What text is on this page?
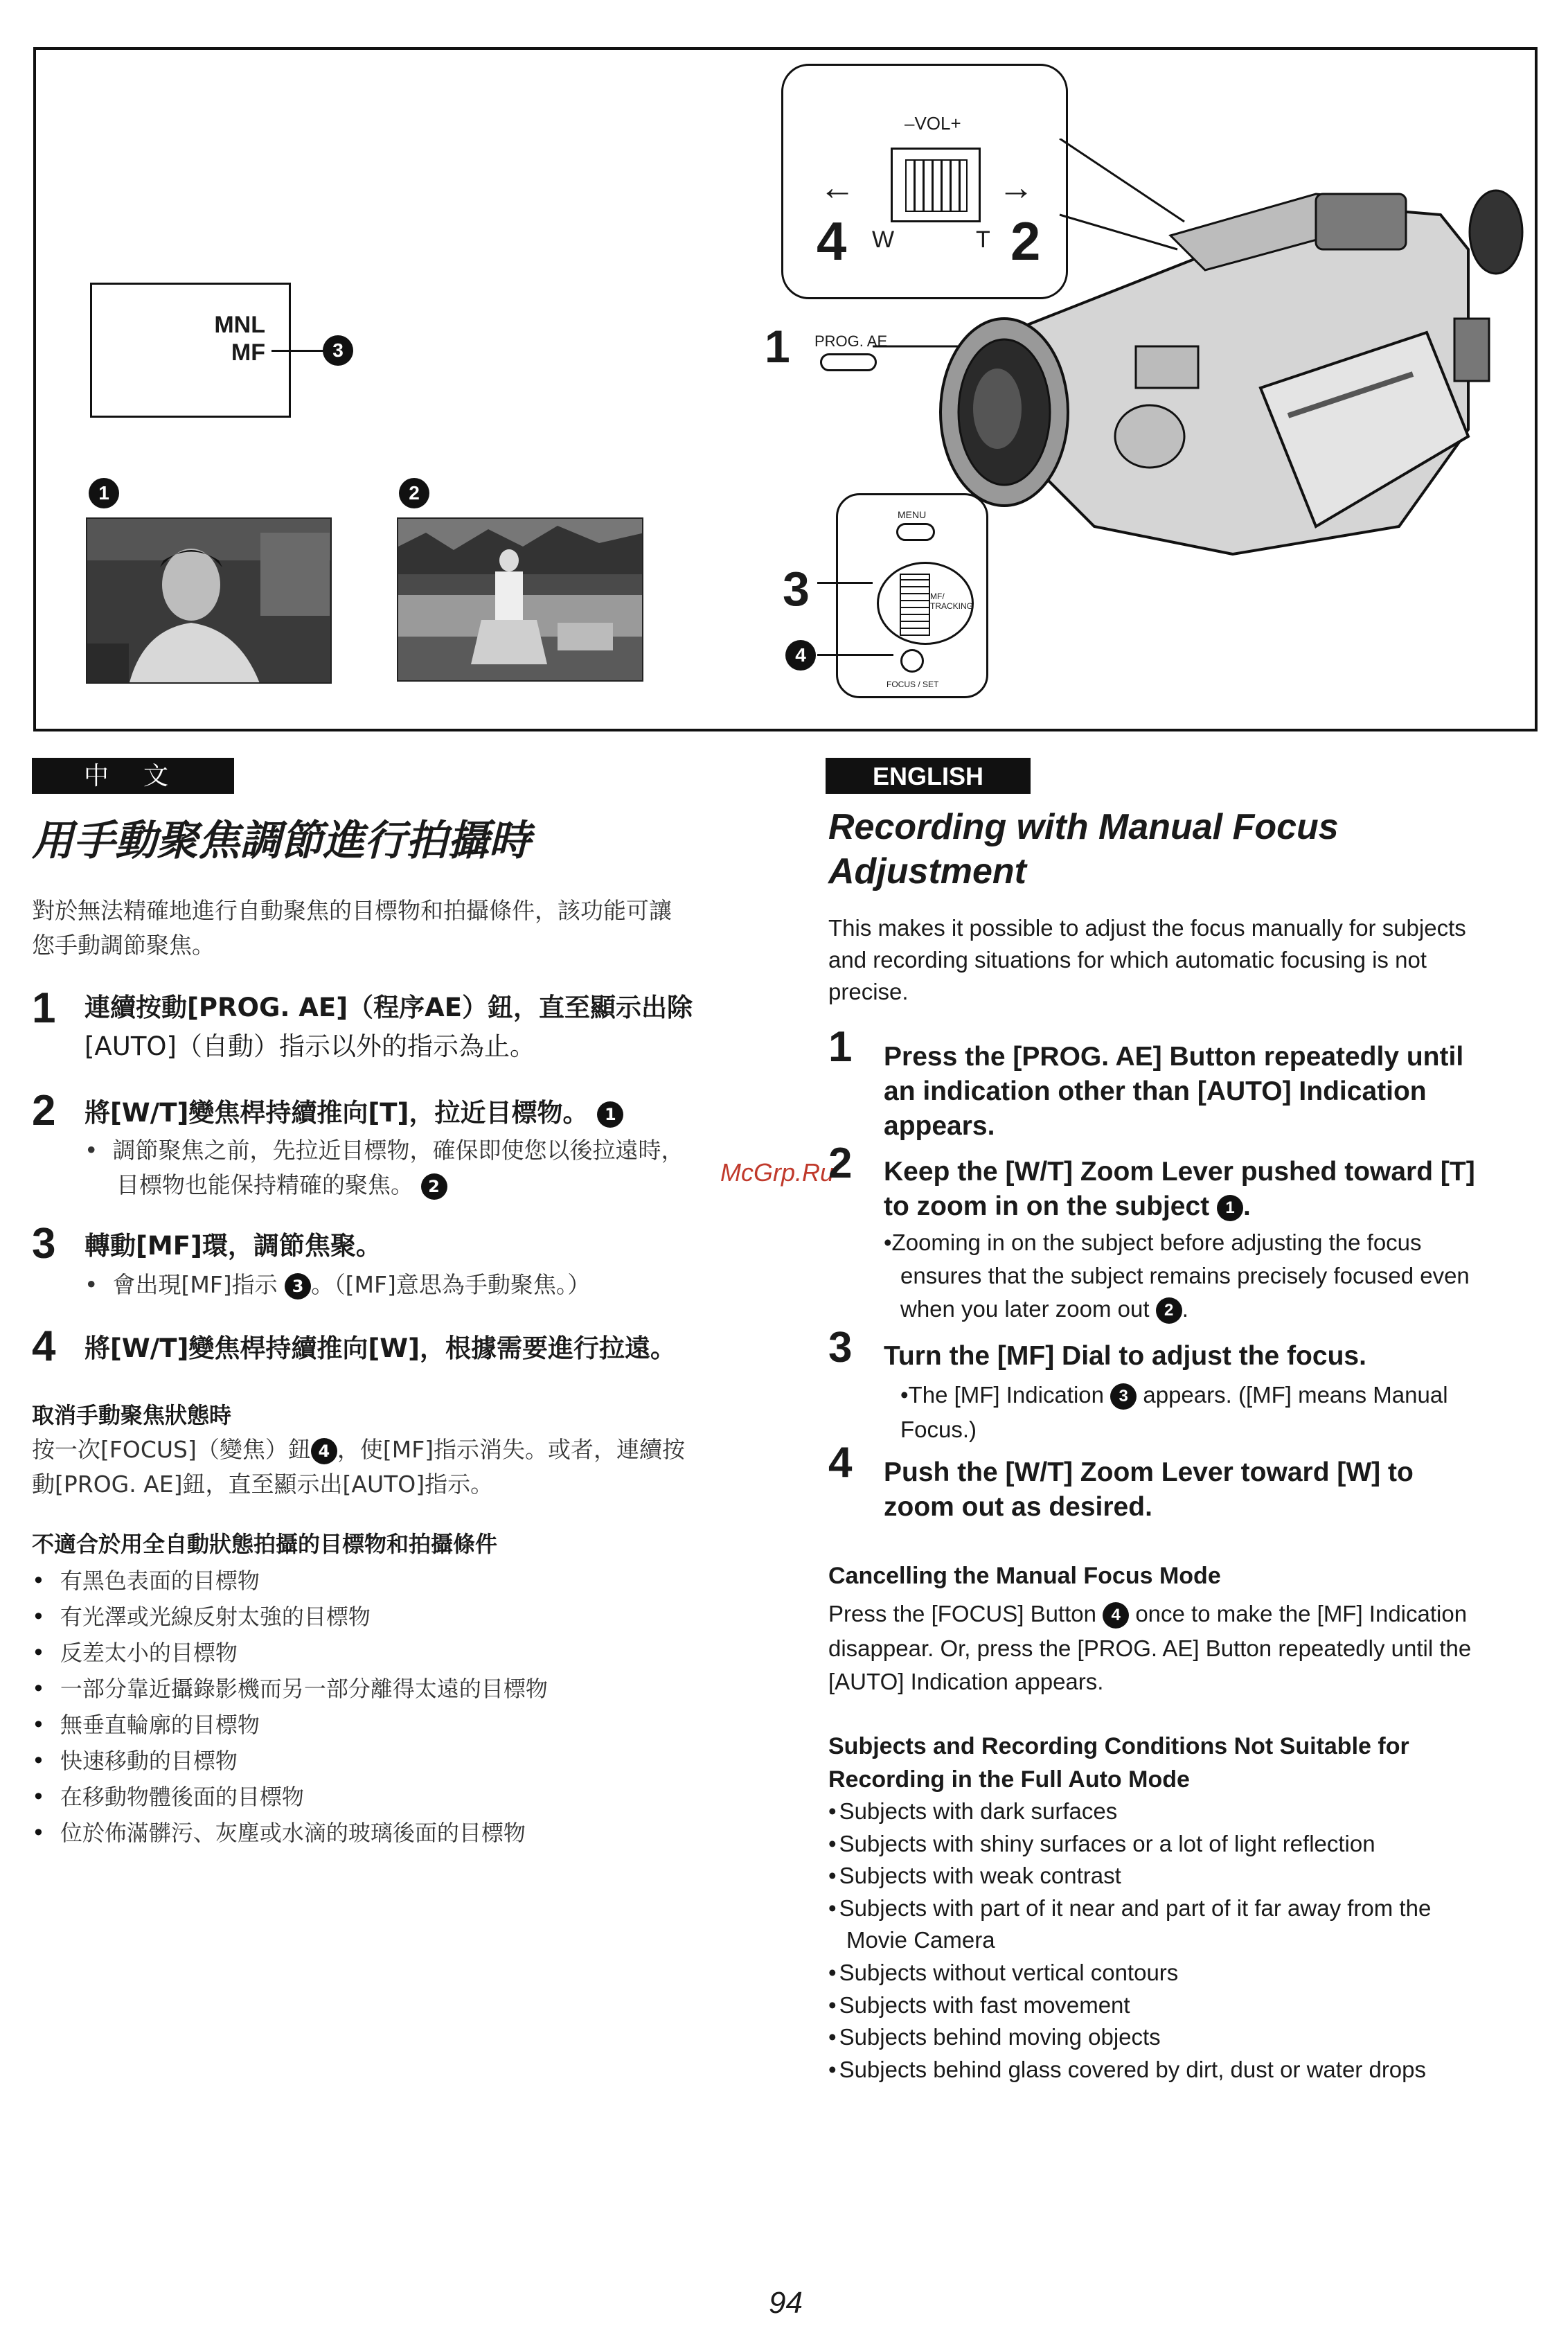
MNL
MF	3
1	2
–VOL+
←	→
4 W	T 2
1 PROG. AE
MENU
MF/
TRACKING
FOCUS / SET
3
4
中 文
用手動聚焦調節進行拍攝時
對於無法精確地進行自動聚焦的目標物和拍攝條件，該功能可讓
您手動調節聚焦。
1 連續按動[PROG. AE]（程序AE）鈕，直至顯示出除
[AUTO]（自動）指示以外的指示為止。
2 將[W/T]變焦桿持續推向[T]，拉近目標物。 1
•  調節聚焦之前，先拉近目標物，確保即使您以後拉遠時，
目標物也能保持精確的聚焦。 2
3 轉動[MF]環，調節焦聚。
•  會出現[MF]指示 3 。（[MF]意思為手動聚焦。）
4 將[W/T]變焦桿持續推向[W]，根據需要進行拉遠。
取消手動聚焦狀態時
按一次[FOCUS]（變焦）鈕 4 ，使[MF]指示消失。或者，連續按
動[PROG. AE]鈕，直至顯示出[AUTO]指示。
不適合於用全自動狀態拍攝的目標物和拍攝條件
• 有黑色表面的目標物
• 有光澤或光線反射太強的目標物
• 反差太小的目標物
• 一部分靠近攝錄影機而另一部分離得太遠的目標物
• 無垂直輪廓的目標物
• 快速移動的目標物
• 在移動物體後面的目標物
• 位於佈滿髒污、灰塵或水滴的玻璃後面的目標物
McGrp.Ru
ENGLISH
Recording with Manual Focus
Adjustment
This makes it possible to adjust the focus manually for subjects
and recording situations for which automatic focusing is not
precise.
1 Press the [PROG. AE] Button repeatedly until
an indication other than [AUTO] Indication
appears.
2 Keep the [W/T] Zoom Lever pushed toward [T]
to zoom in on the subject 1 .
•Zooming in on the subject before adjusting the focus
ensures that the subject remains precisely focused even
when you later zoom out 2 .
3 Turn the [MF] Dial to adjust the focus.
•The [MF] Indication 3 appears. ([MF] means Manual
Focus.)
4 Push the [W/T] Zoom Lever toward [W] to
zoom out as desired.
Cancelling the Manual Focus Mode
Press the [FOCUS] Button 4 once to make the [MF] Indication
disappear. Or, press the [PROG. AE] Button repeatedly until the
[AUTO] Indication appears.
Subjects and Recording Conditions Not Suitable for
Recording in the Full Auto Mode
• Subjects with dark surfaces
• Subjects with shiny surfaces or a lot of light reflection
• Subjects with weak contrast
• Subjects with part of it near and part of it far away from the
Movie Camera
• Subjects without vertical contours
• Subjects with fast movement
• Subjects behind moving objects
• Subjects behind glass covered by dirt, dust or water drops
94
